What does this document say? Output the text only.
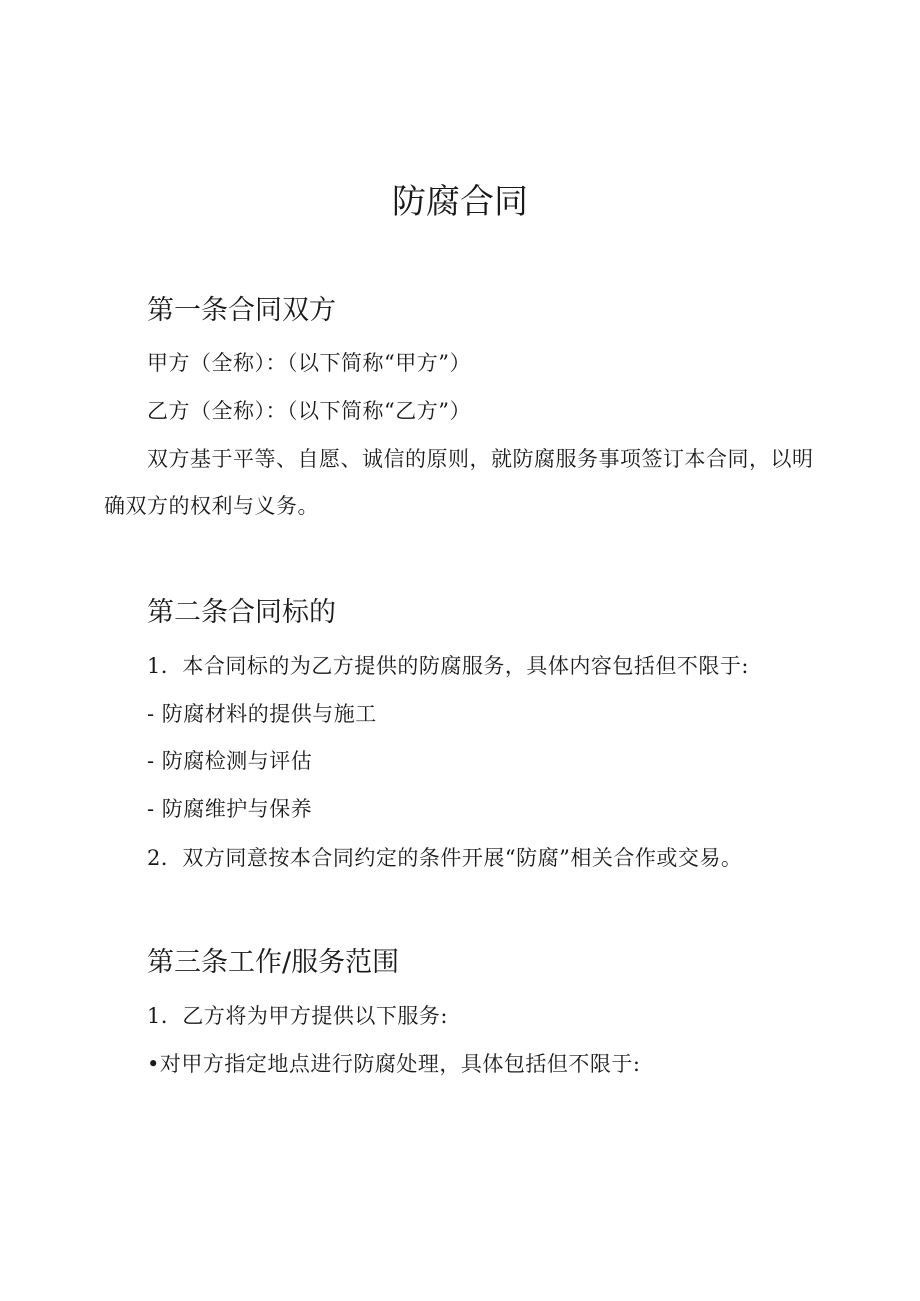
防腐合同
第一条合同双方
甲方（全称）：（以下简称“甲方”）
乙方（全称）：（以下简称“乙方”）
双方基于平等、自愿、诚信的原则，就防腐服务事项签订本合同，以明确双方的权利与义务。
第二条合同标的
1．本合同标的为乙方提供的防腐服务，具体内容包括但不限于:
- 防腐材料的提供与施工
- 防腐检测与评估
- 防腐维护与保养
2．双方同意按本合同约定的条件开展“防腐”相关合作或交易。
第三条工作/服务范围
1．乙方将为甲方提供以下服务:
•对甲方指定地点进行防腐处理，具体包括但不限于:
